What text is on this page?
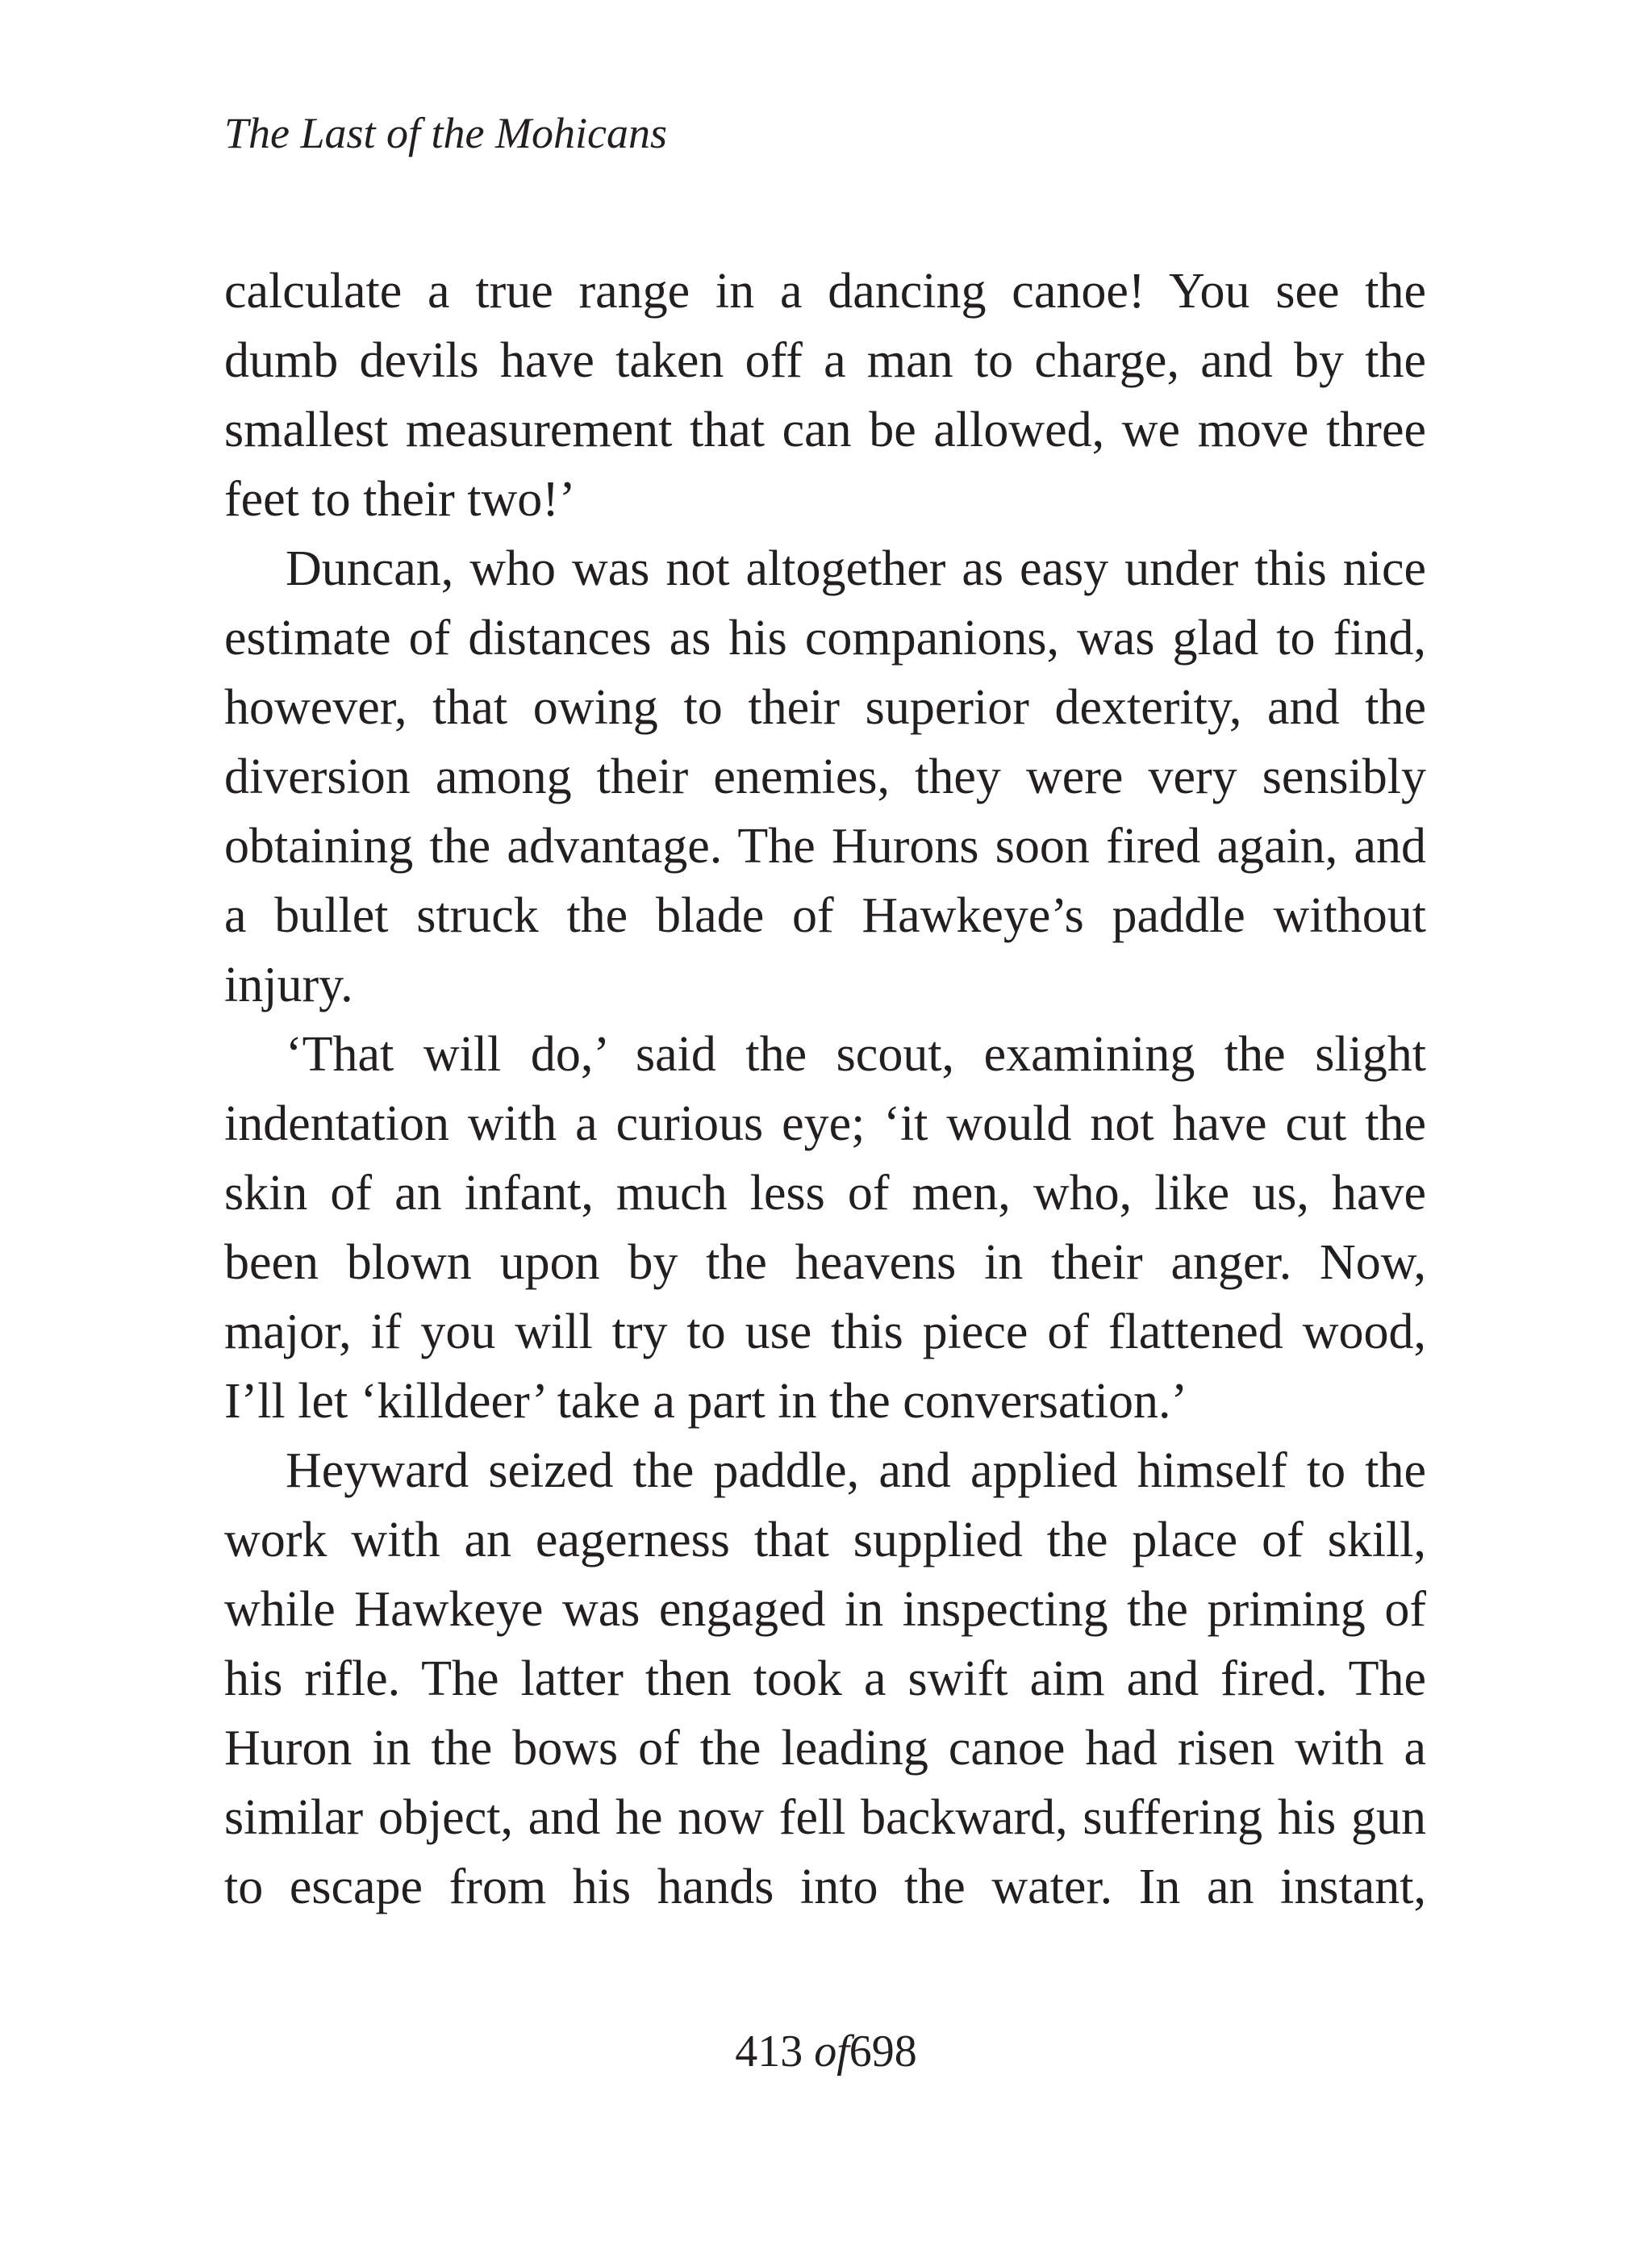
The Last of the Mohicans
calculate a true range in a dancing canoe! You see the
dumb devils have taken off a man to charge, and by the
smallest measurement that can be allowed, we move three
feet to their two!’
Duncan, who was not altogether as easy under this nice
estimate of distances as his companions, was glad to find,
however, that owing to their superior dexterity, and the
diversion among their enemies, they were very sensibly
obtaining the advantage. The Hurons soon fired again, and
a bullet struck the blade of Hawkeye’s paddle without
injury.
‘That will do,’ said the scout, examining the slight
indentation with a curious eye; ‘it would not have cut the
skin of an infant, much less of men, who, like us, have
been blown upon by the heavens in their anger. Now,
major, if you will try to use this piece of flattened wood,
I’ll let ‘killdeer’ take a part in the conversation.’
Heyward seized the paddle, and applied himself to the
work with an eagerness that supplied the place of skill,
while Hawkeye was engaged in inspecting the priming of
his rifle. The latter then took a swift aim and fired. The
Huron in the bows of the leading canoe had risen with a
similar object, and he now fell backward, suffering his gun
to escape from his hands into the water. In an instant,
413 of698
